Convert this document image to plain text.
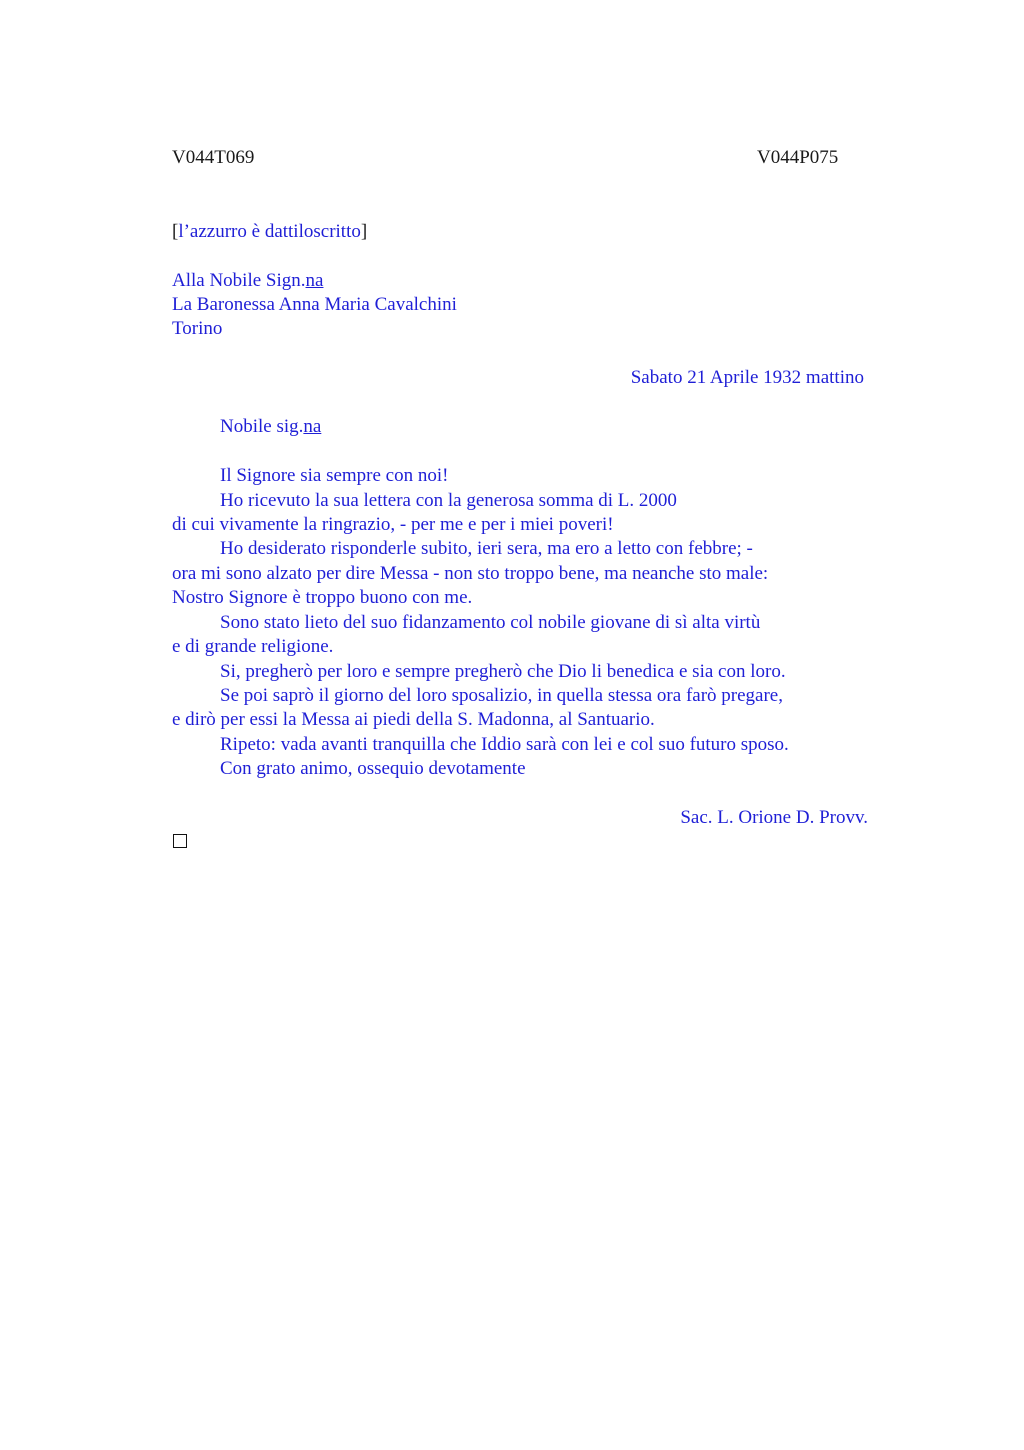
V044T069	V044P075
[l’azzurro è dattiloscritto]
Alla Nobile Sign.na
La Baronessa Anna Maria Cavalchini
Torino
Sabato 21 Aprile 1932 mattino
Nobile sig.na
Il Signore sia sempre con noi!
Ho ricevuto la sua lettera con la generosa somma di L. 2000
di cui vivamente la ringrazio, - per me e per i miei poveri!
Ho desiderato risponderle subito, ieri sera, ma ero a letto con febbre; -
ora mi sono alzato per dire Messa - non sto troppo bene, ma neanche sto male:
Nostro Signore è troppo buono con me.
Sono stato lieto del suo fidanzamento col nobile giovane di sì alta virtù
e di grande religione.
Si, pregherò per loro e sempre pregherò che Dio li benedica e sia con loro.
Se poi saprò il giorno del loro sposalizio, in quella stessa ora farò pregare,
e dirò per essi la Messa ai piedi della S. Madonna, al Santuario.
Ripeto: vada avanti tranquilla che Iddio sarà con lei e col suo futuro sposo.
Con grato animo, ossequio devotamente
Sac. L. Orione D. Provv.
